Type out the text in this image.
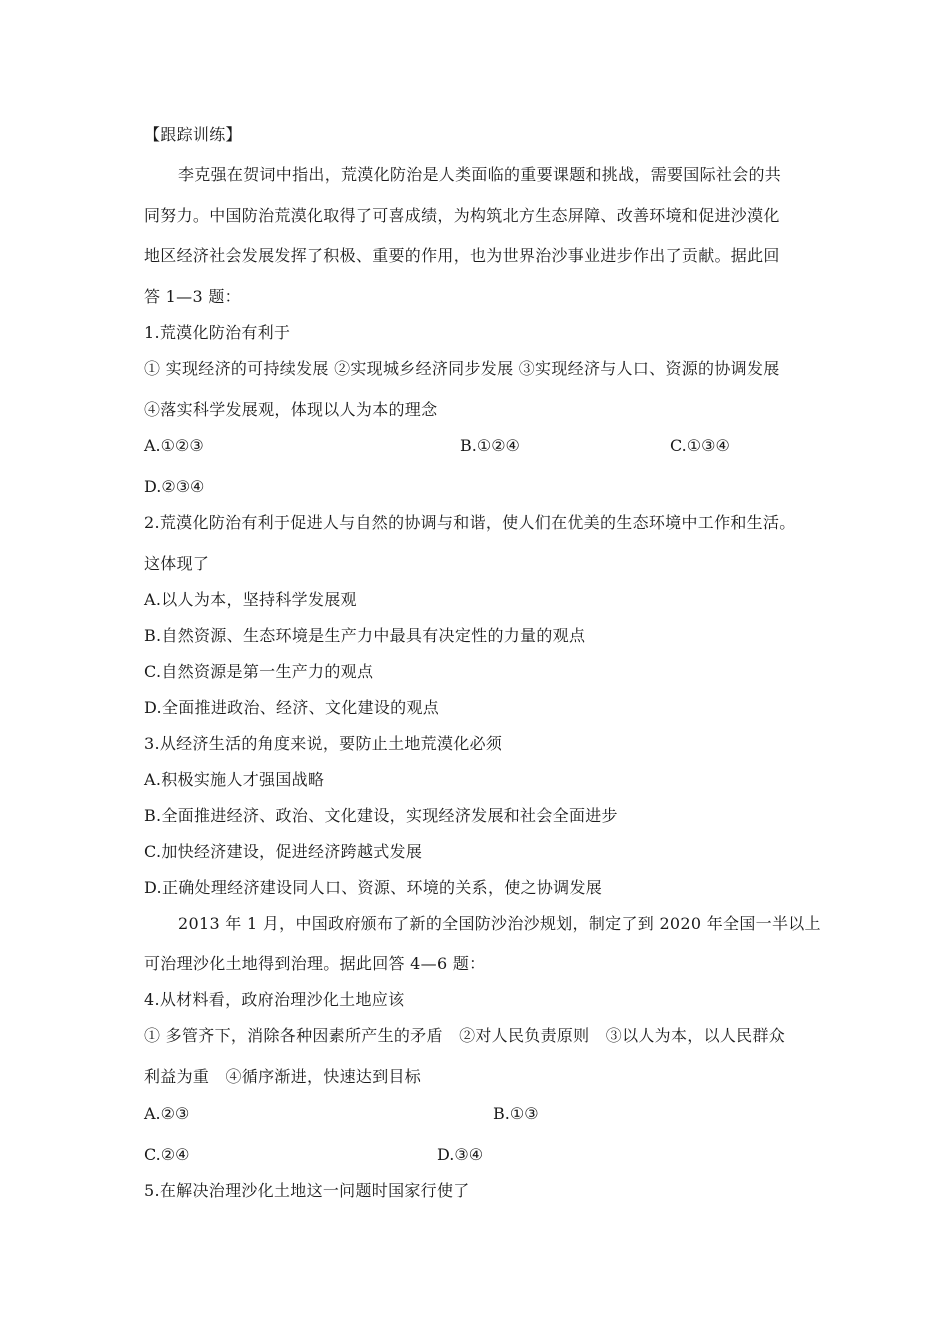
【跟踪训练】
李克强在贺词中指出，荒漠化防治是人类面临的重要课题和挑战，需要国际社会的共
同努力。中国防治荒漠化取得了可喜成绩，为构筑北方生态屏障、改善环境和促进沙漠化
地区经济社会发展发挥了积极、重要的作用，也为世界治沙事业进步作出了贡献。据此回
答 1—3 题：
1.荒漠化防治有利于
① 实现经济的可持续发展 ②实现城乡经济同步发展 ③实现经济与人口、资源的协调发展
④落实科学发展观，体现以人为本的理念
A.①②③	B.①②④	C.①③④
D.②③④
2.荒漠化防治有利于促进人与自然的协调与和谐，使人们在优美的生态环境中工作和生活。
这体现了
A.以人为本，坚持科学发展观
B.自然资源、生态环境是生产力中最具有决定性的力量的观点
C.自然资源是第一生产力的观点
D.全面推进政治、经济、文化建设的观点
3.从经济生活的角度来说，要防止土地荒漠化必须
A.积极实施人才强国战略
B.全面推进经济、政治、文化建设，实现经济发展和社会全面进步
C.加快经济建设，促进经济跨越式发展
D.正确处理经济建设同人口、资源、环境的关系，使之协调发展
2013 年 1 月，中国政府颁布了新的全国防沙治沙规划，制定了到 2020 年全国一半以上
可治理沙化土地得到治理。据此回答 4—6 题：
4.从材料看，政府治理沙化土地应该
① 多管齐下，消除各种因素所产生的矛盾　②对人民负责原则　③以人为本，以人民群众
利益为重　④循序渐进，快速达到目标
A.②③	B.①③
C.②④	D.③④
5.在解决治理沙化土地这一问题时国家行使了
